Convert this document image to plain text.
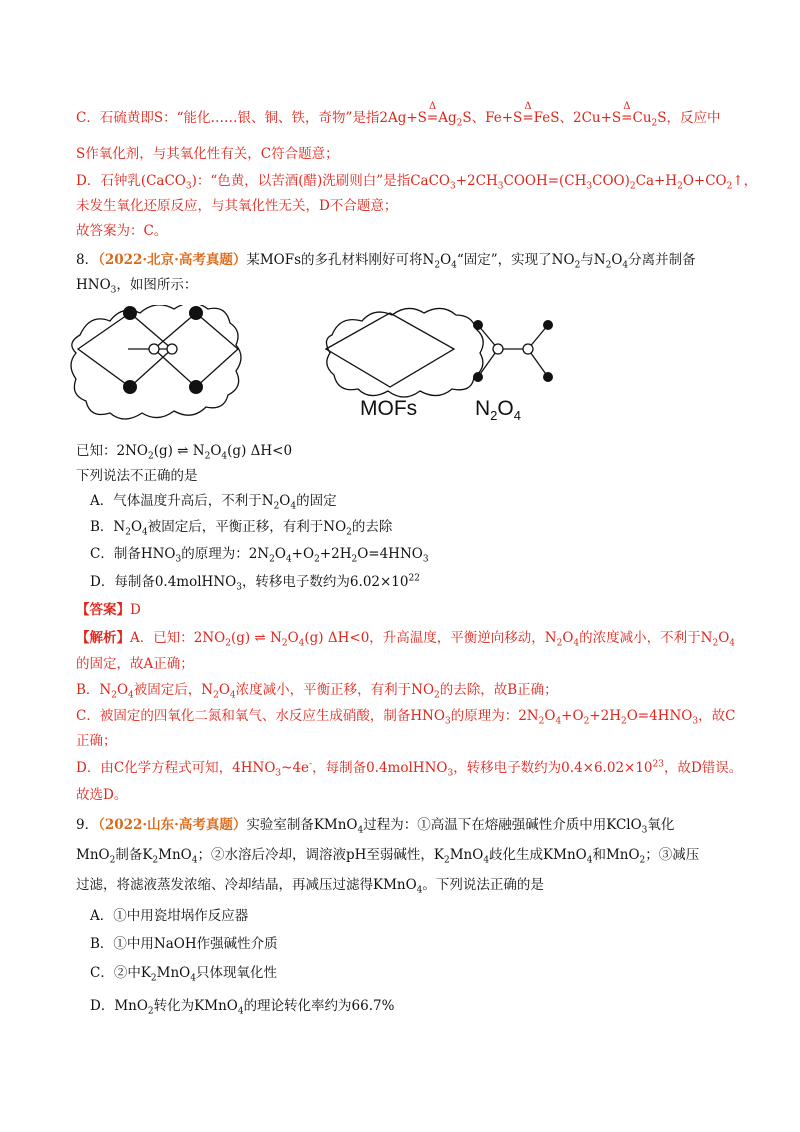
C．石硫黄即S：“能化……银、铜、铁，奇物”是指2Ag+S
Δ
$=Ag_2S$、Fe+S
Δ
=FeS、2Cu+S
Δ
$=Cu_2S$，反应中
S作氧化剂，与其氧化性有关，C符合题意；
D．石钟乳(CaCO$_3$)：“色黄，以苦酒(醋)洗刷则白”是指$CaCO_3+2CH_3COOH=(CH_3COO)_2Ca+H_2O+CO_2↑$，
未发生氧化还原反应，与其氧化性无关，D不合题意；
故答案为：C。
8．（2022·北京·高考真题）某MOFs的多孔材料刚好可将$N_2O_4“$固定”，实现了$NO_2$与$N_2O_4$分离并制备
$HNO_3$，如图所示：
MOFs	$N_2O_4$
已知：$2NO_2(g)$ ⇌ $N_2O_4(g)$ ΔH<0
下列说法不正确的是
A．气体温度升高后，不利于$N_2O_4$的固定
B．$N_2O_4$被固定后，平衡正移，有利于$NO_2$的去除
C．制备$HNO_3$的原理为：$2N_2O_4+O_2+2H_2O=4HNO_3$
D．每制备0.4molHNO$_3$，转移电子数约为$6.02\times 10^{22}$
【答案】D
【解析】A．已知：$2NO_2(g)$ ⇌ $N_2O_4(g)$ ΔH<0，升高温度，平衡逆向移动，$N_2O_4$的浓度减小，不利于$N_2O_4$
的固定，故A正确；
B．$N_2O_4$被固定后，$N_2O_4$浓度减小，平衡正移，有利于$NO_2$的去除，故B正确；
C．被固定的四氧化二氮和氧气、水反应生成硝酸，制备$HNO_3$的原理为：$2N_2O_4+O_2+2H_2O=4HNO_3$，故C
正确；
D．由C化学方程式可知，$4HNO_3\sim 4e^-$，每制备0.4molHNO$_3$，转移电子数约为$0.4\times 6.02\times 10^{23}$，故D错误。
故选D。
9．（2022·山东·高考真题）实验室制备KMnO$_4$过程为：①高温下在熔融强碱性介质中用KClO$_3$氧化
MnO$_2$制备$K_2MnO_4$；②水溶后冷却，调溶液pH至弱碱性，$K_2MnO_4$歧化生成KMnO$_4$和MnO$_2$；③减压
过滤，将滤液蒸发浓缩、冷却结晶，再减压过滤得KMnO$_4$。下列说法正确的是
A．①中用瓷坩埚作反应器
B．①中用NaOH作强碱性介质
C．②中$K_2MnO_4$只体现氧化性
D．MnO$_2$转化为KMnO$_4$的理论转化率约为66.7%
